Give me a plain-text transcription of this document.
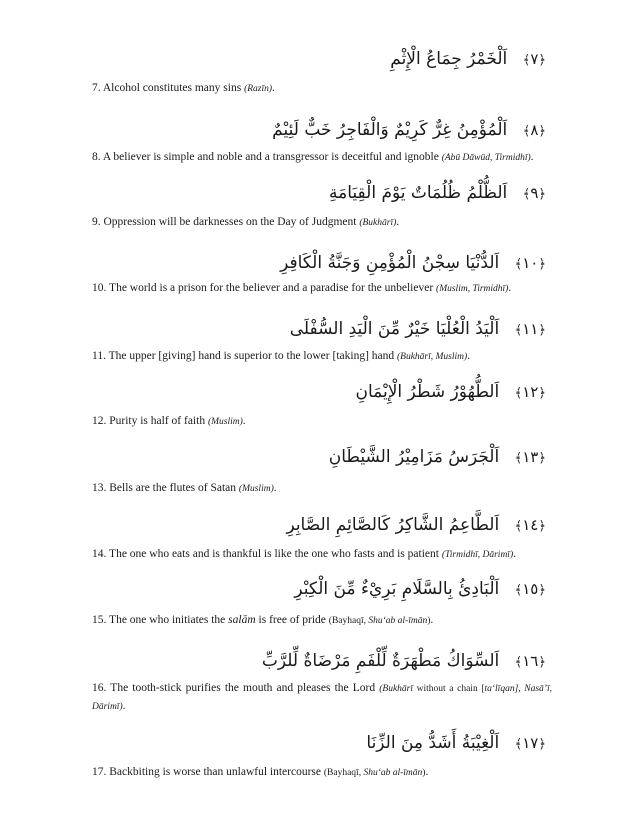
﴿٧﴾ اَلْخَمْرُ جِمَاعُ الْإِثْمِ
7. Alcohol constitutes many sins (Razīn).
﴿٨﴾ اَلْمُؤْمِنُ غِرٌّ كَرِيْمٌ وَالْفَاجِرُ خَبٌّ لَئِيْمٌ
8. A believer is simple and noble and a transgressor is deceitful and ignoble (Abū Dāwūd, Tirmidhī).
﴿٩﴾ اَلظُّلْمُ ظُلُمَاتٌ يَوْمَ الْقِيَامَةِ
9. Oppression will be darknesses on the Day of Judgment (Bukhārī).
﴿١٠﴾ اَلدُّنْيَا سِجْنُ الْمُؤْمِنِ وَجَنَّةُ الْكَافِرِ
10. The world is a prison for the believer and a paradise for the unbeliever (Muslim, Tirmidhī).
﴿١١﴾ اَلْيَدُ الْعُلْيَا خَيْرٌ مِّنَ الْيَدِ السُّفْلَى
11. The upper [giving] hand is superior to the lower [taking] hand (Bukhārī, Muslim).
﴿١٢﴾ اَلطُّهُوْرُ شَطْرُ الْإِيْمَانِ
12. Purity is half of faith (Muslim).
﴿١٣﴾ اَلْجَرَسُ مَزَامِيْرُ الشَّيْطَانِ
13. Bells are the flutes of Satan (Muslim).
﴿١٤﴾ اَلطَّاعِمُ الشَّاكِرُ كَالصَّائِمِ الصَّابِرِ
14. The one who eats and is thankful is like the one who fasts and is patient (Tirmidhī, Dārimī).
﴿١٥﴾ اَلْبَادِئُ بِالسَّلَامِ بَرِيْءٌ مِّنَ الْكِبْرِ
15. The one who initiates the salām is free of pride (Bayhaqī, Shu‘ab al-īmān).
﴿١٦﴾ اَلسِّوَاكُ مَطْهَرَةٌ لِّلْفَمِ مَرْضَاةٌ لِّلرَّبِّ
16. The tooth-stick purifies the mouth and pleases the Lord (Bukhārī without a chain [ta‘līqan], Nasā’ī, Dārimī).
﴿١٧﴾ اَلْغِيْبَةُ أَشَدُّ مِنَ الزِّنَا
17. Backbiting is worse than unlawful intercourse (Bayhaqī, Shu‘ab al-īmān).
